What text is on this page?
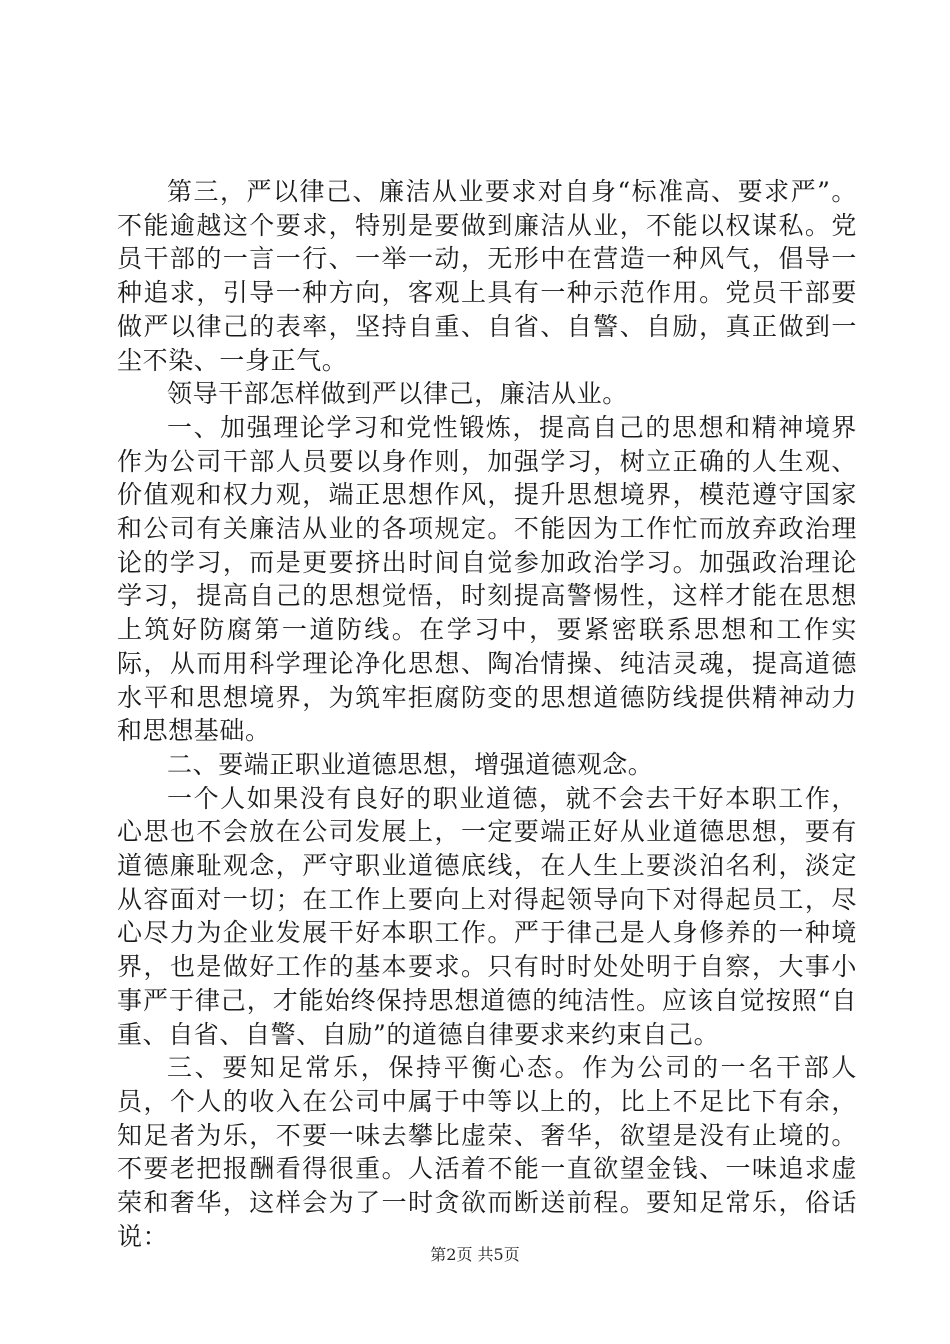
第三，严以律己、廉洁从业要求对自身“标准高、要求严”。不能逾越这个要求，特别是要做到廉洁从业，不能以权谋私。党员干部的一言一行、一举一动，无形中在营造一种风气，倡导一种追求，引导一种方向，客观上具有一种示范作用。党员干部要做严以律己的表率，坚持自重、自省、自警、自励，真正做到一尘不染、一身正气。

领导干部怎样做到严以律己，廉洁从业。

一、加强理论学习和党性锻炼，提高自己的思想和精神境界作为公司干部人员要以身作则，加强学习，树立正确的人生观、价值观和权力观，端正思想作风，提升思想境界，模范遵守国家和公司有关廉洁从业的各项规定。不能因为工作忙而放弃政治理论的学习，而是更要挤出时间自觉参加政治学习。加强政治理论学习，提高自己的思想觉悟，时刻提高警惕性，这样才能在思想上筑好防腐第一道防线。在学习中，要紧密联系思想和工作实际，从而用科学理论净化思想、陶冶情操、纯洁灵魂，提高道德水平和思想境界，为筑牢拒腐防变的思想道德防线提供精神动力和思想基础。

二、要端正职业道德思想，增强道德观念。

一个人如果没有良好的职业道德，就不会去干好本职工作，心思也不会放在公司发展上，一定要端正好从业道德思想，要有道德廉耻观念，严守职业道德底线，在人生上要淡泊名利，淡定从容面对一切；在工作上要向上对得起领导向下对得起员工，尽心尽力为企业发展干好本职工作。严于律己是人身修养的一种境界，也是做好工作的基本要求。只有时时处处明于自察，大事小事严于律己，才能始终保持思想道德的纯洁性。应该自觉按照“自重、自省、自警、自励”的道德自律要求来约束自己。

三、要知足常乐，保持平衡心态。作为公司的一名干部人员，个人的收入在公司中属于中等以上的，比上不足比下有余，知足者为乐，不要一味去攀比虚荣、奢华，欲望是没有止境的。不要老把报酬看得很重。人活着不能一直欲望金钱、一味追求虚荣和奢华，这样会为了一时贪欲而断送前程。要知足常乐，俗话说：

第2页 共5页
